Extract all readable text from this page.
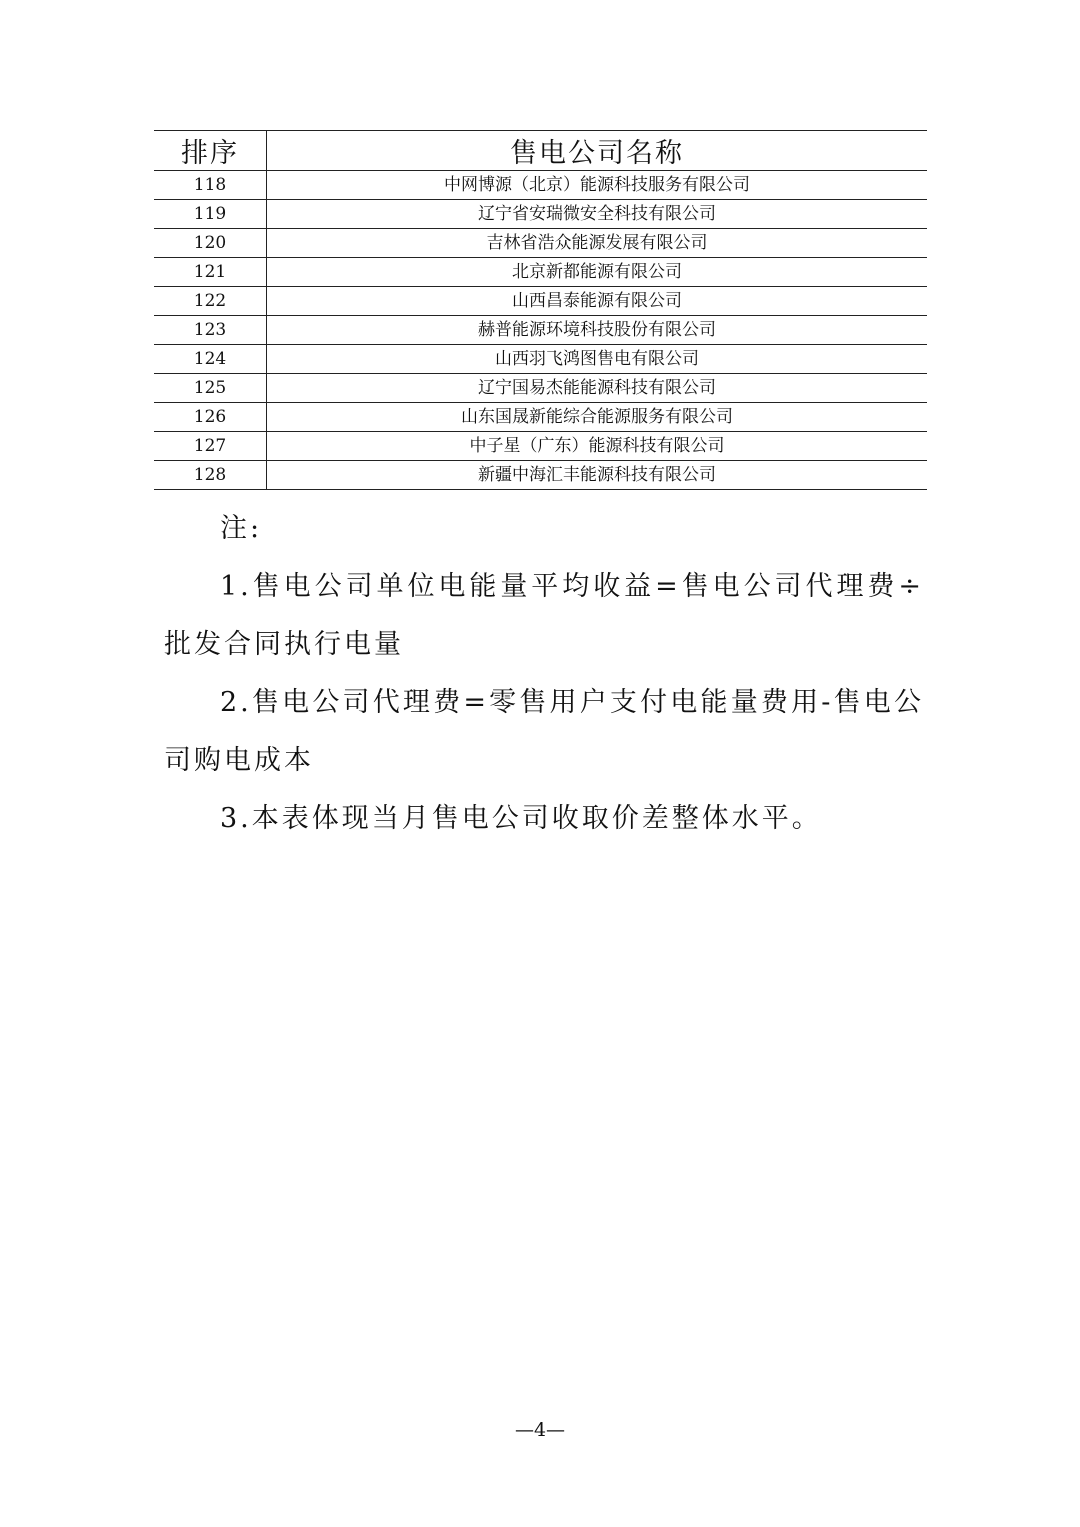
排序	售电公司名称
118	中网博源（北京）能源科技服务有限公司
119	辽宁省安瑞微安全科技有限公司
120	吉林省浩众能源发展有限公司
121	北京新都能源有限公司
122	山西昌泰能源有限公司
123	赫普能源环境科技股份有限公司
124	山西羽飞鸿图售电有限公司
125	辽宁国易杰能能源科技有限公司
126	山东国晟新能综合能源服务有限公司
127	中子星（广东）能源科技有限公司
128	新疆中海汇丰能源科技有限公司

注:

1.售电公司单位电能量平均收益=售电公司代理费÷批发合同执行电量

2.售电公司代理费=零售用户支付电能量费用-售电公司购电成本

3.本表体现当月售电公司收取价差整体水平。

—4—
